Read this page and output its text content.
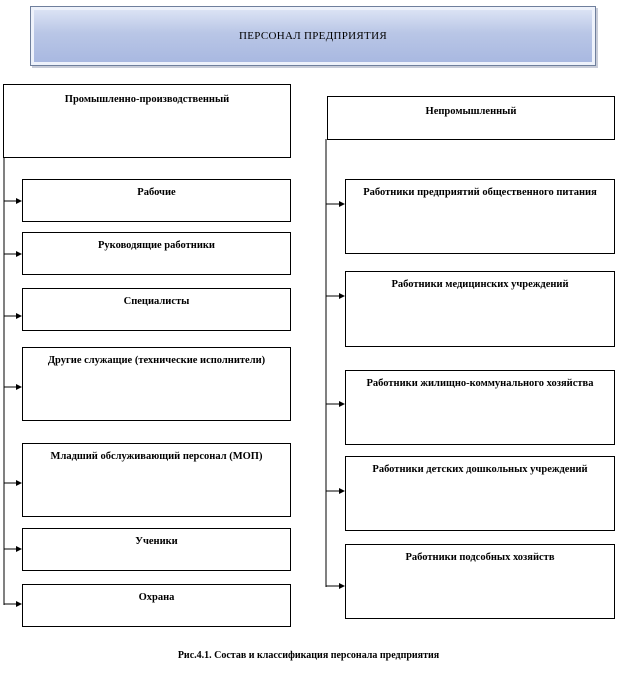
ПЕРСОНАЛ ПРЕДПРИЯТИЯ
Промышленно-производственный
Рабочие
Руководящие работники
Специалисты
Другие служащие (технические исполнители)
Младший обслуживающий персонал (МОП)
Ученики
Охрана
Непромышленный
Работники предприятий общественного питания
Работники медицинских учреждений
Работники жилищно-коммунального хозяйства
Работники детских дошкольных учреждений
Работники подсобных хозяйств
Рис.4.1. Состав и классификация персонала предприятия
